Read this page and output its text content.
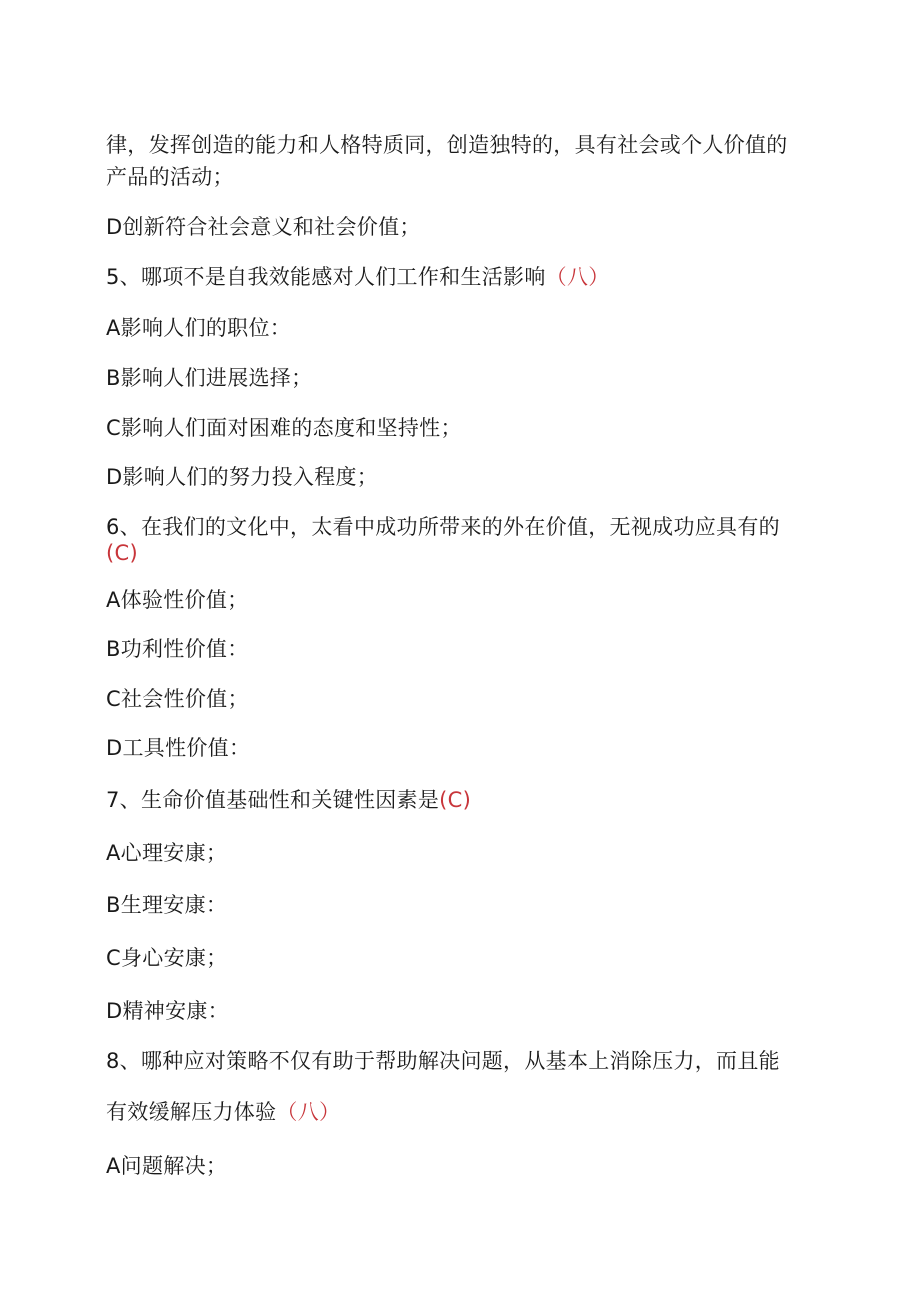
律，发挥创造的能力和人格特质同，创造独特的，具有社会或个人价值的
产品的活动；
D创新符合社会意义和社会价值；
5、哪项不是自我效能感对人们工作和生活影响（八）
A影响人们的职位：
B影响人们进展选择；
C影响人们面对困难的态度和坚持性；
D影响人们的努力投入程度；
6、在我们的文化中，太看中成功所带来的外在价值，无视成功应具有的
(C)
A体验性价值；
B功利性价值：
C社会性价值；
D工具性价值：
7、生命价值基础性和关键性因素是(C)
A心理安康；
B生理安康：
C身心安康；
D精神安康：
8、哪种应对策略不仅有助于帮助解决问题，从基本上消除压力，而且能
有效缓解压力体验（八）
A问题解决；
